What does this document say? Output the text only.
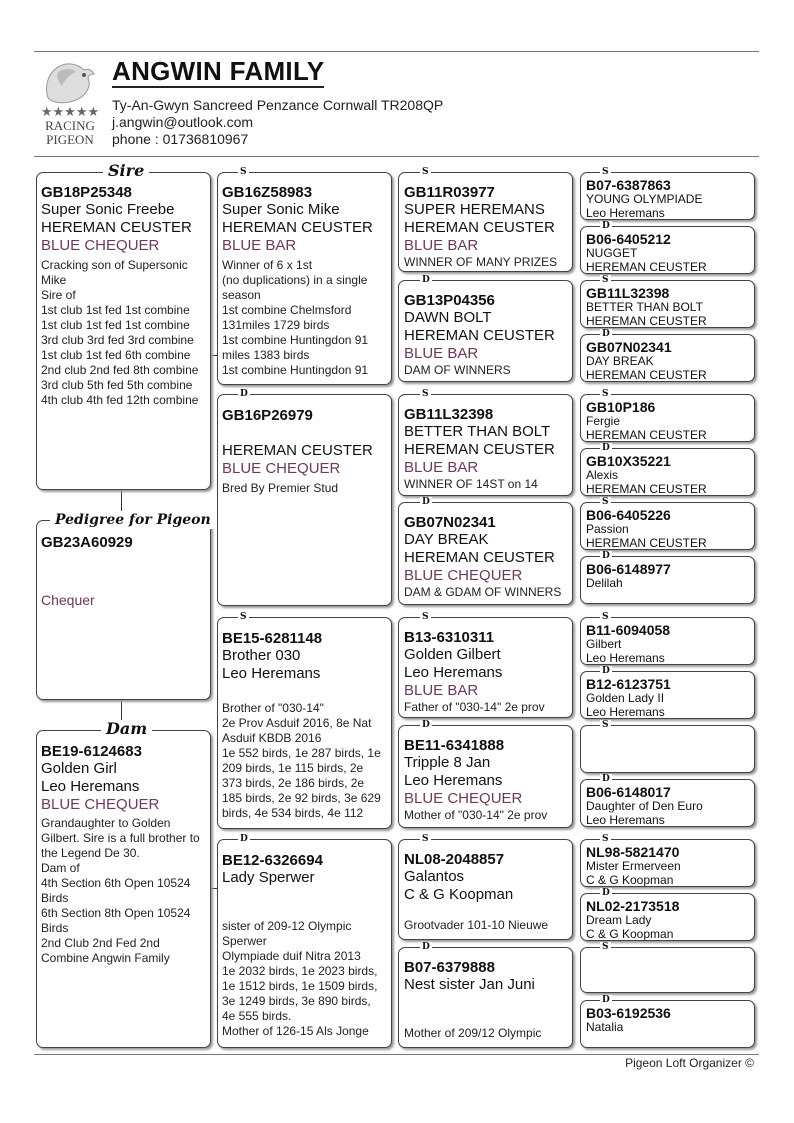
★★★★★
RACING
PIGEON
ANGWIN FAMILY
Ty-An-Gwyn Sancreed Penzance Cornwall TR208QP
j.angwin@outlook.com
phone : 01736810967
GB18P25348
Super Sonic Freebe
HEREMAN CEUSTER
BLUE CHEQUER
Cracking son of Supersonic
Mike
Sire of
1st club 1st fed 1st combine
1st club 1st fed 1st combine
3rd club 3rd fed 3rd combine
1st club 1st fed 6th combine
2nd club 2nd fed 8th combine
3rd club 5th fed 5th combine
4th club 4th fed 12th combine
Sire
GB23A60929
Chequer
Pedigree for Pigeon
BE19-6124683
Golden Girl
Leo Heremans
BLUE CHEQUER
Grandaughter to Golden
Gilbert. Sire is a full brother to
the Legend De 30.
Dam of
4th Section 6th Open 10524
Birds
6th Section 8th Open 10524
Birds
2nd Club 2nd Fed 2nd
Combine Angwin Family
Dam
GB16Z58983
Super Sonic Mike
HEREMAN CEUSTER
BLUE BAR
Winner of 6 x 1st
(no duplications) in a single
season
1st combine Chelmsford
131miles 1729 birds
1st combine Huntingdon 91
miles 1383 birds
1st combine Huntingdon 91
S
GB16P26979
HEREMAN CEUSTER
BLUE CHEQUER
Bred By Premier Stud
D
BE15-6281148
Brother 030
Leo Heremans
Brother of "030-14"
2e Prov Asduif 2016, 8e Nat
Asduif KBDB 2016
1e 552 birds, 1e 287 birds, 1e
209 birds, 1e 115 birds, 2e
373 birds, 2e 186 birds, 2e
185 birds, 2e 92 birds, 3e 629
birds, 4e 534 birds, 4e 112
S
BE12-6326694
Lady Sperwer
sister of 209-12 Olympic
Sperwer
Olympiade duif Nitra 2013
1e 2032 birds, 1e 2023 birds,
1e 1512 birds, 1e 1509 birds,
3e 1249 birds, 3e 890 birds,
4e 555 birds.
Mother of 126-15 Als Jonge
D
GB11R03977
SUPER HEREMANS
HEREMAN CEUSTER
BLUE BAR
WINNER OF MANY PRIZES
S
GB13P04356
DAWN BOLT
HEREMAN CEUSTER
BLUE BAR
DAM OF WINNERS
D
GB11L32398
BETTER THAN BOLT
HEREMAN CEUSTER
BLUE BAR
WINNER OF 14ST on 14
S
GB07N02341
DAY BREAK
HEREMAN CEUSTER
BLUE CHEQUER
DAM & GDAM OF WINNERS
D
B13-6310311
Golden Gilbert
Leo Heremans
BLUE BAR
Father of "030-14" 2e prov
S
BE11-6341888
Tripple 8 Jan
Leo Heremans
BLUE CHEQUER
Mother of "030-14" 2e prov
D
NL08-2048857
Galantos
C & G Koopman
Grootvader 101-10 Nieuwe
S
B07-6379888
Nest sister Jan Juni
Mother of 209/12 Olympic
D
B07-6387863
YOUNG OLYMPIADE
Leo Heremans
S
B06-6405212
NUGGET
HEREMAN CEUSTER
D
GB11L32398
BETTER THAN BOLT
HEREMAN CEUSTER
S
GB07N02341
DAY BREAK
HEREMAN CEUSTER
D
GB10P186
Fergie
HEREMAN CEUSTER
S
GB10X35221
Alexis
HEREMAN CEUSTER
D
B06-6405226
Passion
HEREMAN CEUSTER
S
B06-6148977
Delilah
D
B11-6094058
Gilbert
Leo Heremans
S
B12-6123751
Golden Lady II
Leo Heremans
D
S
B06-6148017
Daughter of Den Euro
Leo Heremans
D
NL98-5821470
Mister Ermerveen
C & G Koopman
S
NL02-2173518
Dream Lady
C & G Koopman
D
S
B03-6192536
Natalia
D
Pigeon Loft Organizer ©
